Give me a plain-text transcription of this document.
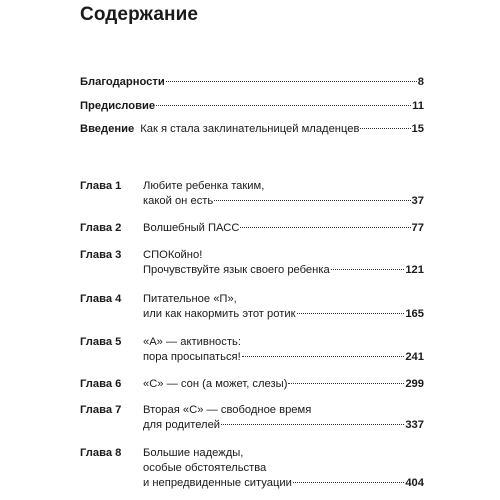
Содержание
Благодарности	8
Предисловие	11
Введение Как я стала заклинательницей младенцев	15
Глава 1 Любите ребенка таким,
какой он есть	37
Глава 2 Волшебный ПАСС	77
Глава 3 СПОКойно!
Прочувствуйте язык своего ребенка	121
Глава 4 Питательное «П»,
или как накормить этот ротик	165
Глава 5 «А» — активность:
пора просыпаться!	241
Глава 6 «С» — сон (а может, слезы)	299
Глава 7 Вторая «С» — свободное время
для родителей	337
Глава 8 Большие надежды,
особые обстоятельства
и непредвиденные ситуации	404
